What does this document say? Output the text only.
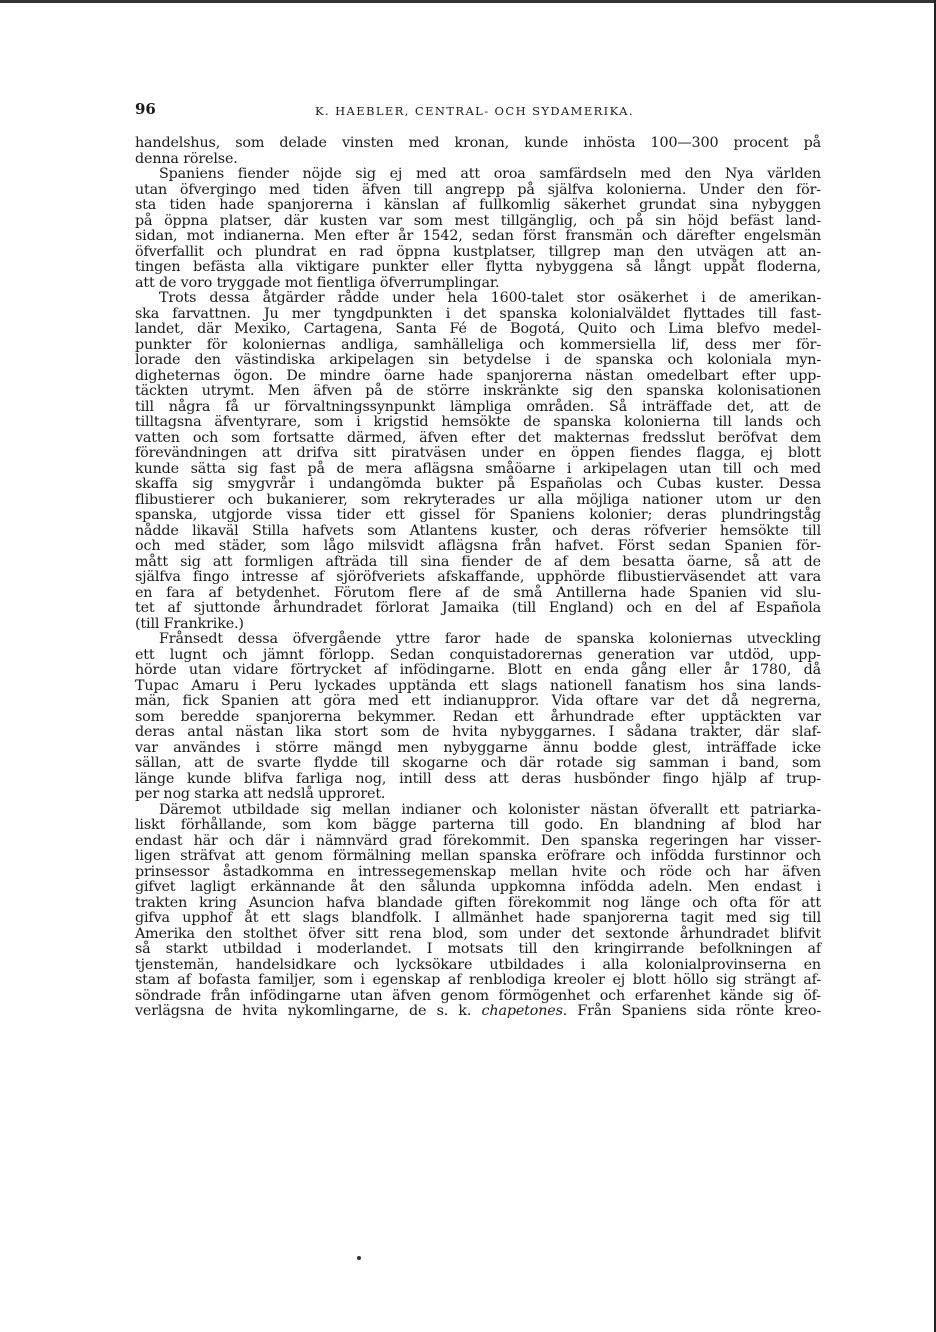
96	K. HAEBLER, CENTRAL- OCH SYDAMERIKA.
handelshus, som delade vinsten med kronan, kunde inhösta 100—300 procent på
denna rörelse.
Spaniens fiender nöjde sig ej med att oroa samfärdseln med den Nya världen
utan öfvergingo med tiden äfven till angrepp på själfva kolonierna. Under den för-
sta tiden hade spanjorerna i känslan af fullkomlig säkerhet grundat sina nybyggen
på öppna platser, där kusten var som mest tillgänglig, och på sin höjd befäst land-
sidan, mot indianerna. Men efter år 1542, sedan först fransmän och därefter engelsmän
öfverfallit och plundrat en rad öppna kustplatser, tillgrep man den utvägen att an-
tingen befästa alla viktigare punkter eller flytta nybyggena så långt uppåt floderna,
att de voro tryggade mot fientliga öfverrumplingar.
Trots dessa åtgärder rådde under hela 1600-talet stor osäkerhet i de amerikan-
ska farvattnen. Ju mer tyngdpunkten i det spanska kolonialväldet flyttades till fast-
landet, där Mexiko, Cartagena, Santa Fé de Bogotá, Quito och Lima blefvo medel-
punkter för koloniernas andliga, samhälleliga och kommersiella lif, dess mer för-
lorade den västindiska arkipelagen sin betydelse i de spanska och koloniala myn-
digheternas ögon. De mindre öarne hade spanjorerna nästan omedelbart efter upp-
täckten utrymt. Men äfven på de större inskränkte sig den spanska kolonisationen
till några få ur förvaltningssynpunkt lämpliga områden. Så inträffade det, att de
tilltagsna äfventyrare, som i krigstid hemsökte de spanska kolonierna till lands och
vatten och som fortsatte därmed, äfven efter det makternas fredsslut beröfvat dem
förevändningen att drifva sitt piratväsen under en öppen fiendes flagga, ej blott
kunde sätta sig fast på de mera aflägsna småöarne i arkipelagen utan till och med
skaffa sig smygvrår i undangömda bukter på Españolas och Cubas kuster. Dessa
flibustierer och bukanierer, som rekryterades ur alla möjliga nationer utom ur den
spanska, utgjorde vissa tider ett gissel för Spaniens kolonier; deras plundringståg
nådde likaväl Stilla hafvets som Atlantens kuster, och deras röfverier hemsökte till
och med städer, som lågo milsvidt aflägsna från hafvet. Först sedan Spanien för-
mått sig att formligen afträda till sina fiender de af dem besatta öarne, så att de
själfva fingo intresse af sjöröfveriets afskaffande, upphörde flibustierväsendet att vara
en fara af betydenhet. Förutom flere af de små Antillerna hade Spanien vid slu-
tet af sjuttonde århundradet förlorat Jamaika (till England) och en del af Española
(till Frankrike.)
Frånsedt dessa öfvergående yttre faror hade de spanska koloniernas utveckling
ett lugnt och jämnt förlopp. Sedan conquistadorernas generation var utdöd, upp-
hörde utan vidare förtrycket af infödingarne. Blott en enda gång eller år 1780, då
Tupac Amaru i Peru lyckades upptända ett slags nationell fanatism hos sina lands-
män, fick Spanien att göra med ett indianuppror. Vida oftare var det då negrerna,
som beredde spanjorerna bekymmer. Redan ett århundrade efter upptäckten var
deras antal nästan lika stort som de hvita nybyggarnes. I sådana trakter, där slaf-
var användes i större mängd men nybyggarne ännu bodde glest, inträffade icke
sällan, att de svarte flydde till skogarne och där rotade sig samman i band, som
länge kunde blifva farliga nog, intill dess att deras husbönder fingo hjälp af trup-
per nog starka att nedslå upproret.
Däremot utbildade sig mellan indianer och kolonister nästan öfverallt ett patriarka-
liskt förhållande, som kom bägge parterna till godo. En blandning af blod har
endast här och där i nämnvärd grad förekommit. Den spanska regeringen har visser-
ligen sträfvat att genom förmälning mellan spanska eröfrare och infödda furstinnor och
prinsessor åstadkomma en intressegemenskap mellan hvite och röde och har äfven
gifvet lagligt erkännande åt den sålunda uppkomna infödda adeln. Men endast i
trakten kring Asuncion hafva blandade giften förekommit nog länge och ofta för att
gifva upphof åt ett slags blandfolk. I allmänhet hade spanjorerna tagit med sig till
Amerika den stolthet öfver sitt rena blod, som under det sextonde århundradet blifvit
så starkt utbildad i moderlandet. I motsats till den kringirrande befolkningen af
tjenstemän, handelsidkare och lycksökare utbildades i alla kolonialprovinserna en
stam af bofasta familjer, som i egenskap af renblodiga kreoler ej blott höllo sig strängt af-
söndrade från infödingarne utan äfven genom förmögenhet och erfarenhet kände sig öf-
verlägsna de hvita nykomlingarne, de s. k. chapetones. Från Spaniens sida rönte kreo-
